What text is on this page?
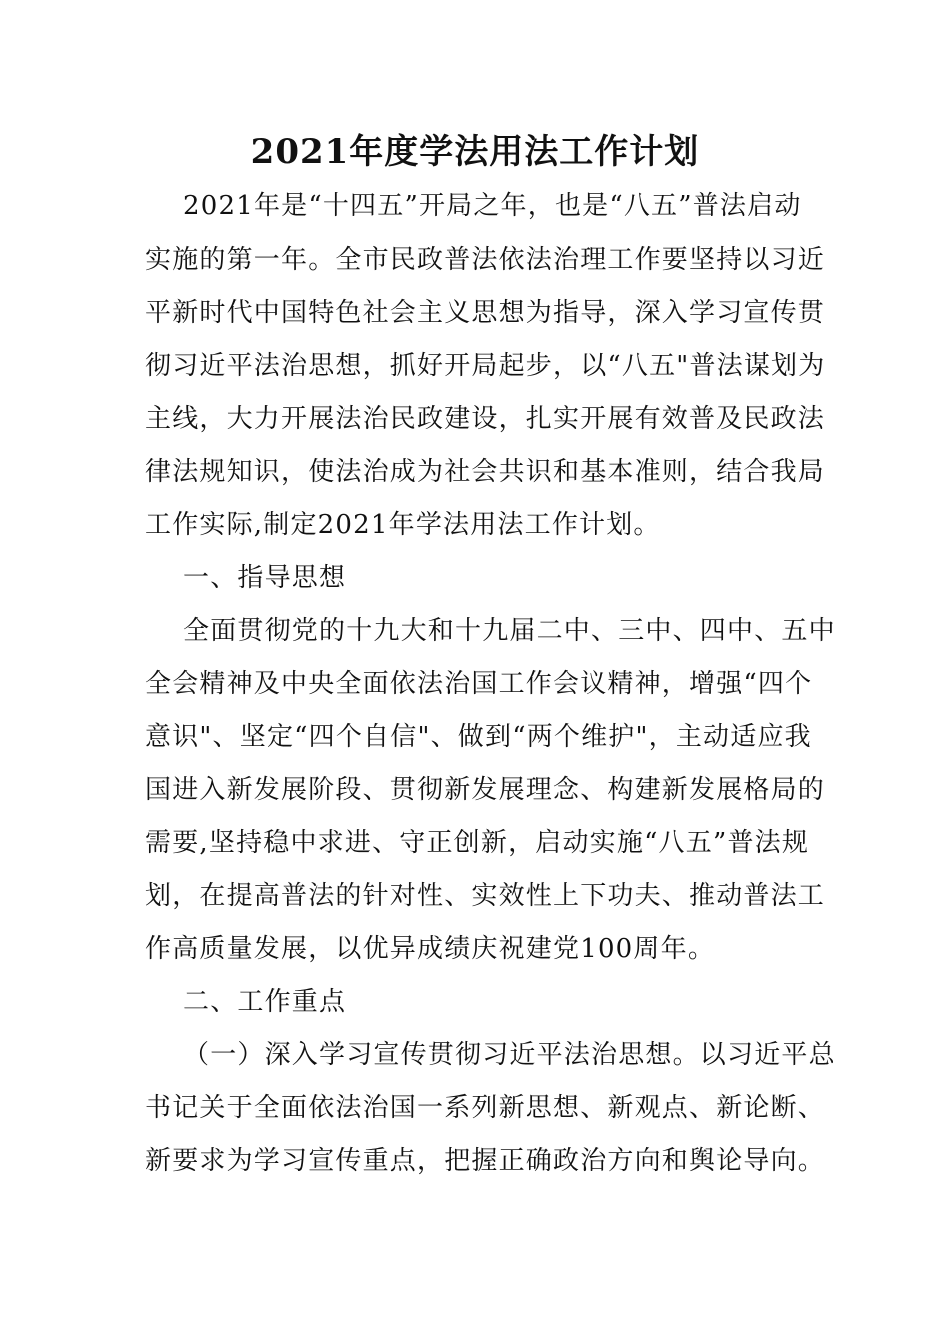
2021年度学法用法工作计划

2021年是“十四五”开局之年，也是“八五”普法启动

实施的第一年。全市民政普法依法治理工作要坚持以习近

平新时代中国特色社会主义思想为指导，深入学习宣传贯

彻习近平法治思想，抓好开局起步，以“八五"普法谋划为

主线，大力开展法治民政建设，扎实开展有效普及民政法

律法规知识，使法治成为社会共识和基本准则，结合我局

工作实际,制定2021年学法用法工作计划。

一、指导思想

全面贯彻党的十九大和十九届二中、三中、四中、五中

全会精神及中央全面依法治国工作会议精神，增强“四个

意识"、坚定“四个自信"、做到“两个维护"，主动适应我

国进入新发展阶段、贯彻新发展理念、构建新发展格局的

需要,坚持稳中求进、守正创新，启动实施“八五”普法规

划，在提高普法的针对性、实效性上下功夫、推动普法工

作高质量发展，以优异成绩庆祝建党100周年。

二、工作重点

（一）深入学习宣传贯彻习近平法治思想。以习近平总

书记关于全面依法治国一系列新思想、新观点、新论断、

新要求为学习宣传重点，把握正确政治方向和舆论导向。
